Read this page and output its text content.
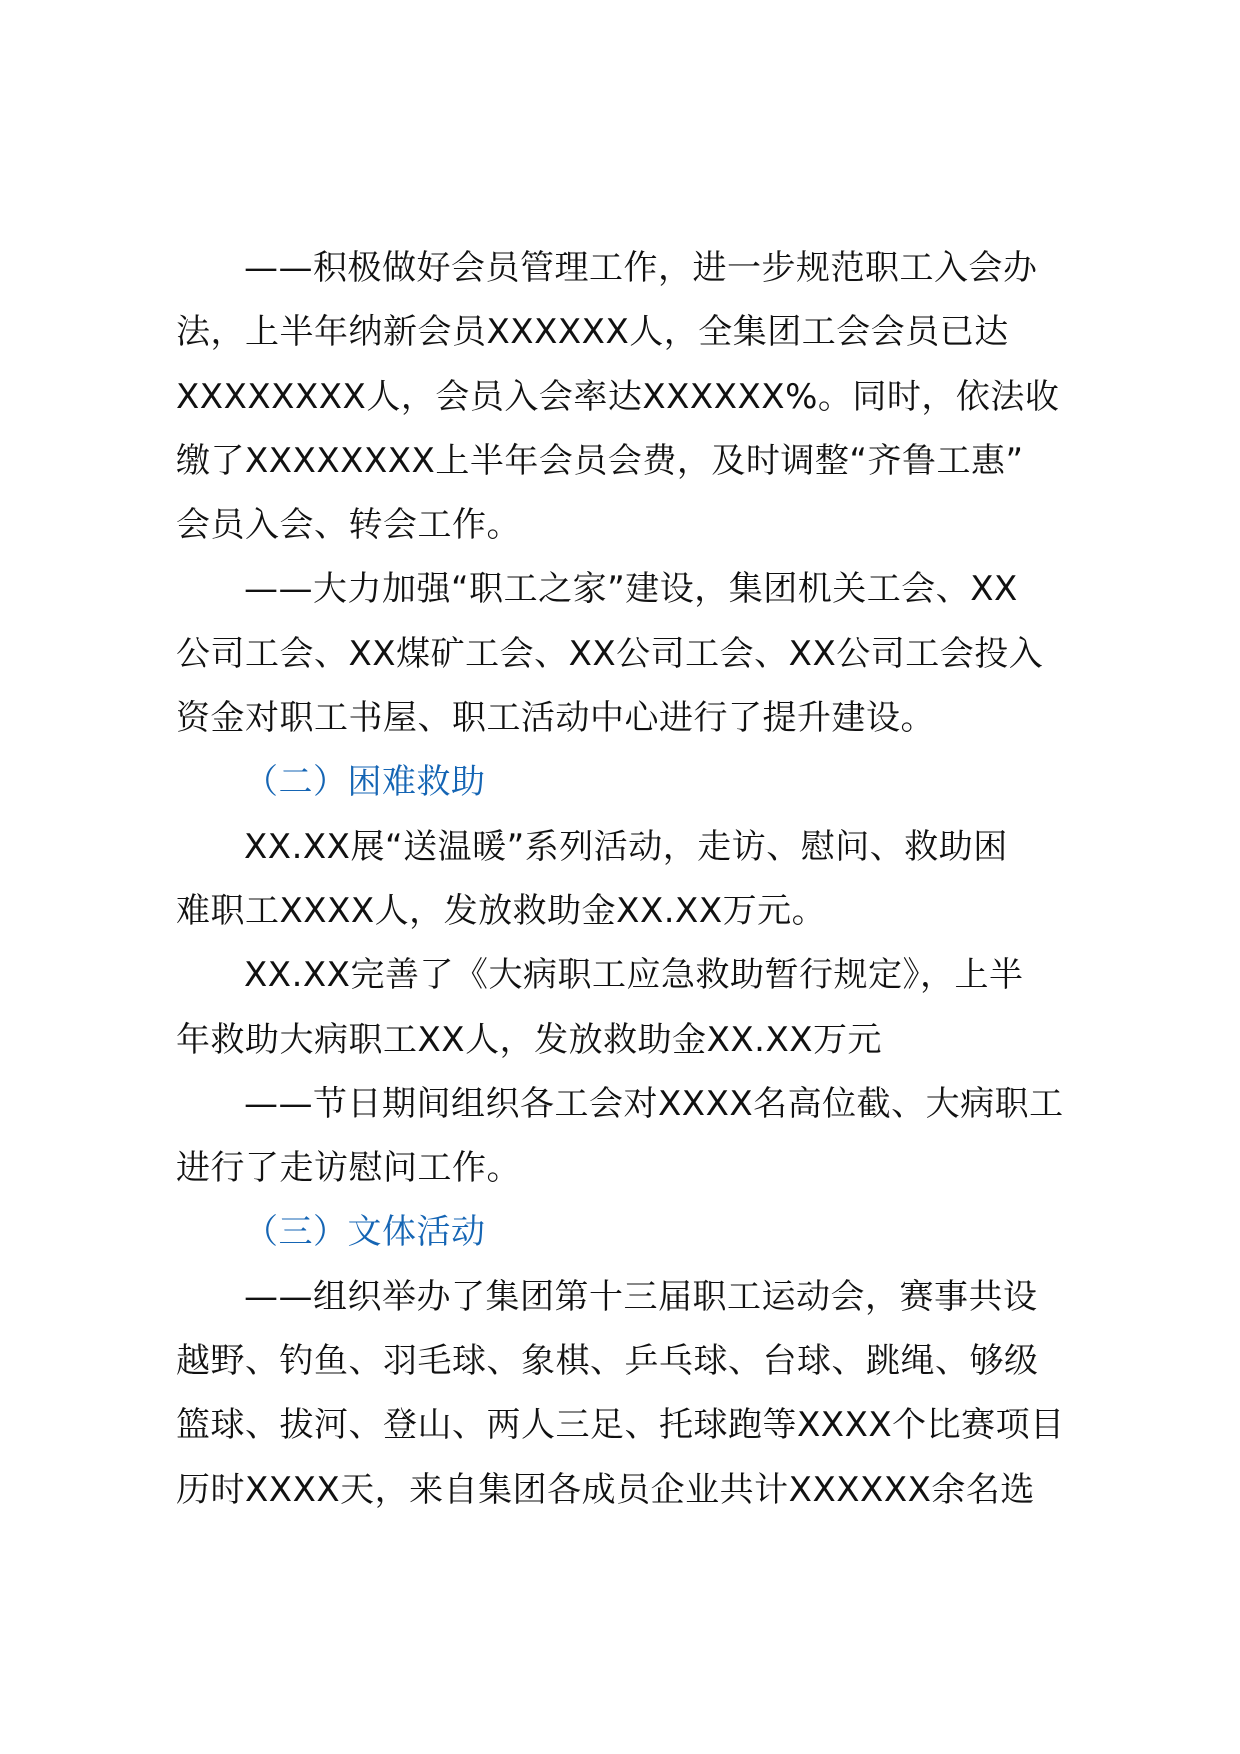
——积极做好会员管理工作，进一步规范职工入会办
法，上半年纳新会员XXXXXX人，全集团工会会员已达
XXXXXXXX人，会员入会率达XXXXXX%。同时，依法收
缴了XXXXXXXX上半年会员会费，及时调整“齐鲁工惠”
会员入会、转会工作。
——大力加强“职工之家”建设，集团机关工会、XX
公司工会、XX煤矿工会、XX公司工会、XX公司工会投入
资金对职工书屋、职工活动中心进行了提升建设。
（二）困难救助
XX.XX展“送温暖”系列活动，走访、慰问、救助困
难职工XXXX人，发放救助金XX.XX万元。
XX.XX完善了《大病职工应急救助暂行规定》，上半
年救助大病职工XX人，发放救助金XX.XX万元
——节日期间组织各工会对XXXX名高位截、大病职工
进行了走访慰问工作。
（三）文体活动
——组织举办了集团第十三届职工运动会，赛事共设
越野、钓鱼、羽毛球、象棋、乒乓球、台球、跳绳、够级
篮球、拔河、登山、两人三足、托球跑等XXXX个比赛项目
历时XXXX天，来自集团各成员企业共计XXXXXX余名选
